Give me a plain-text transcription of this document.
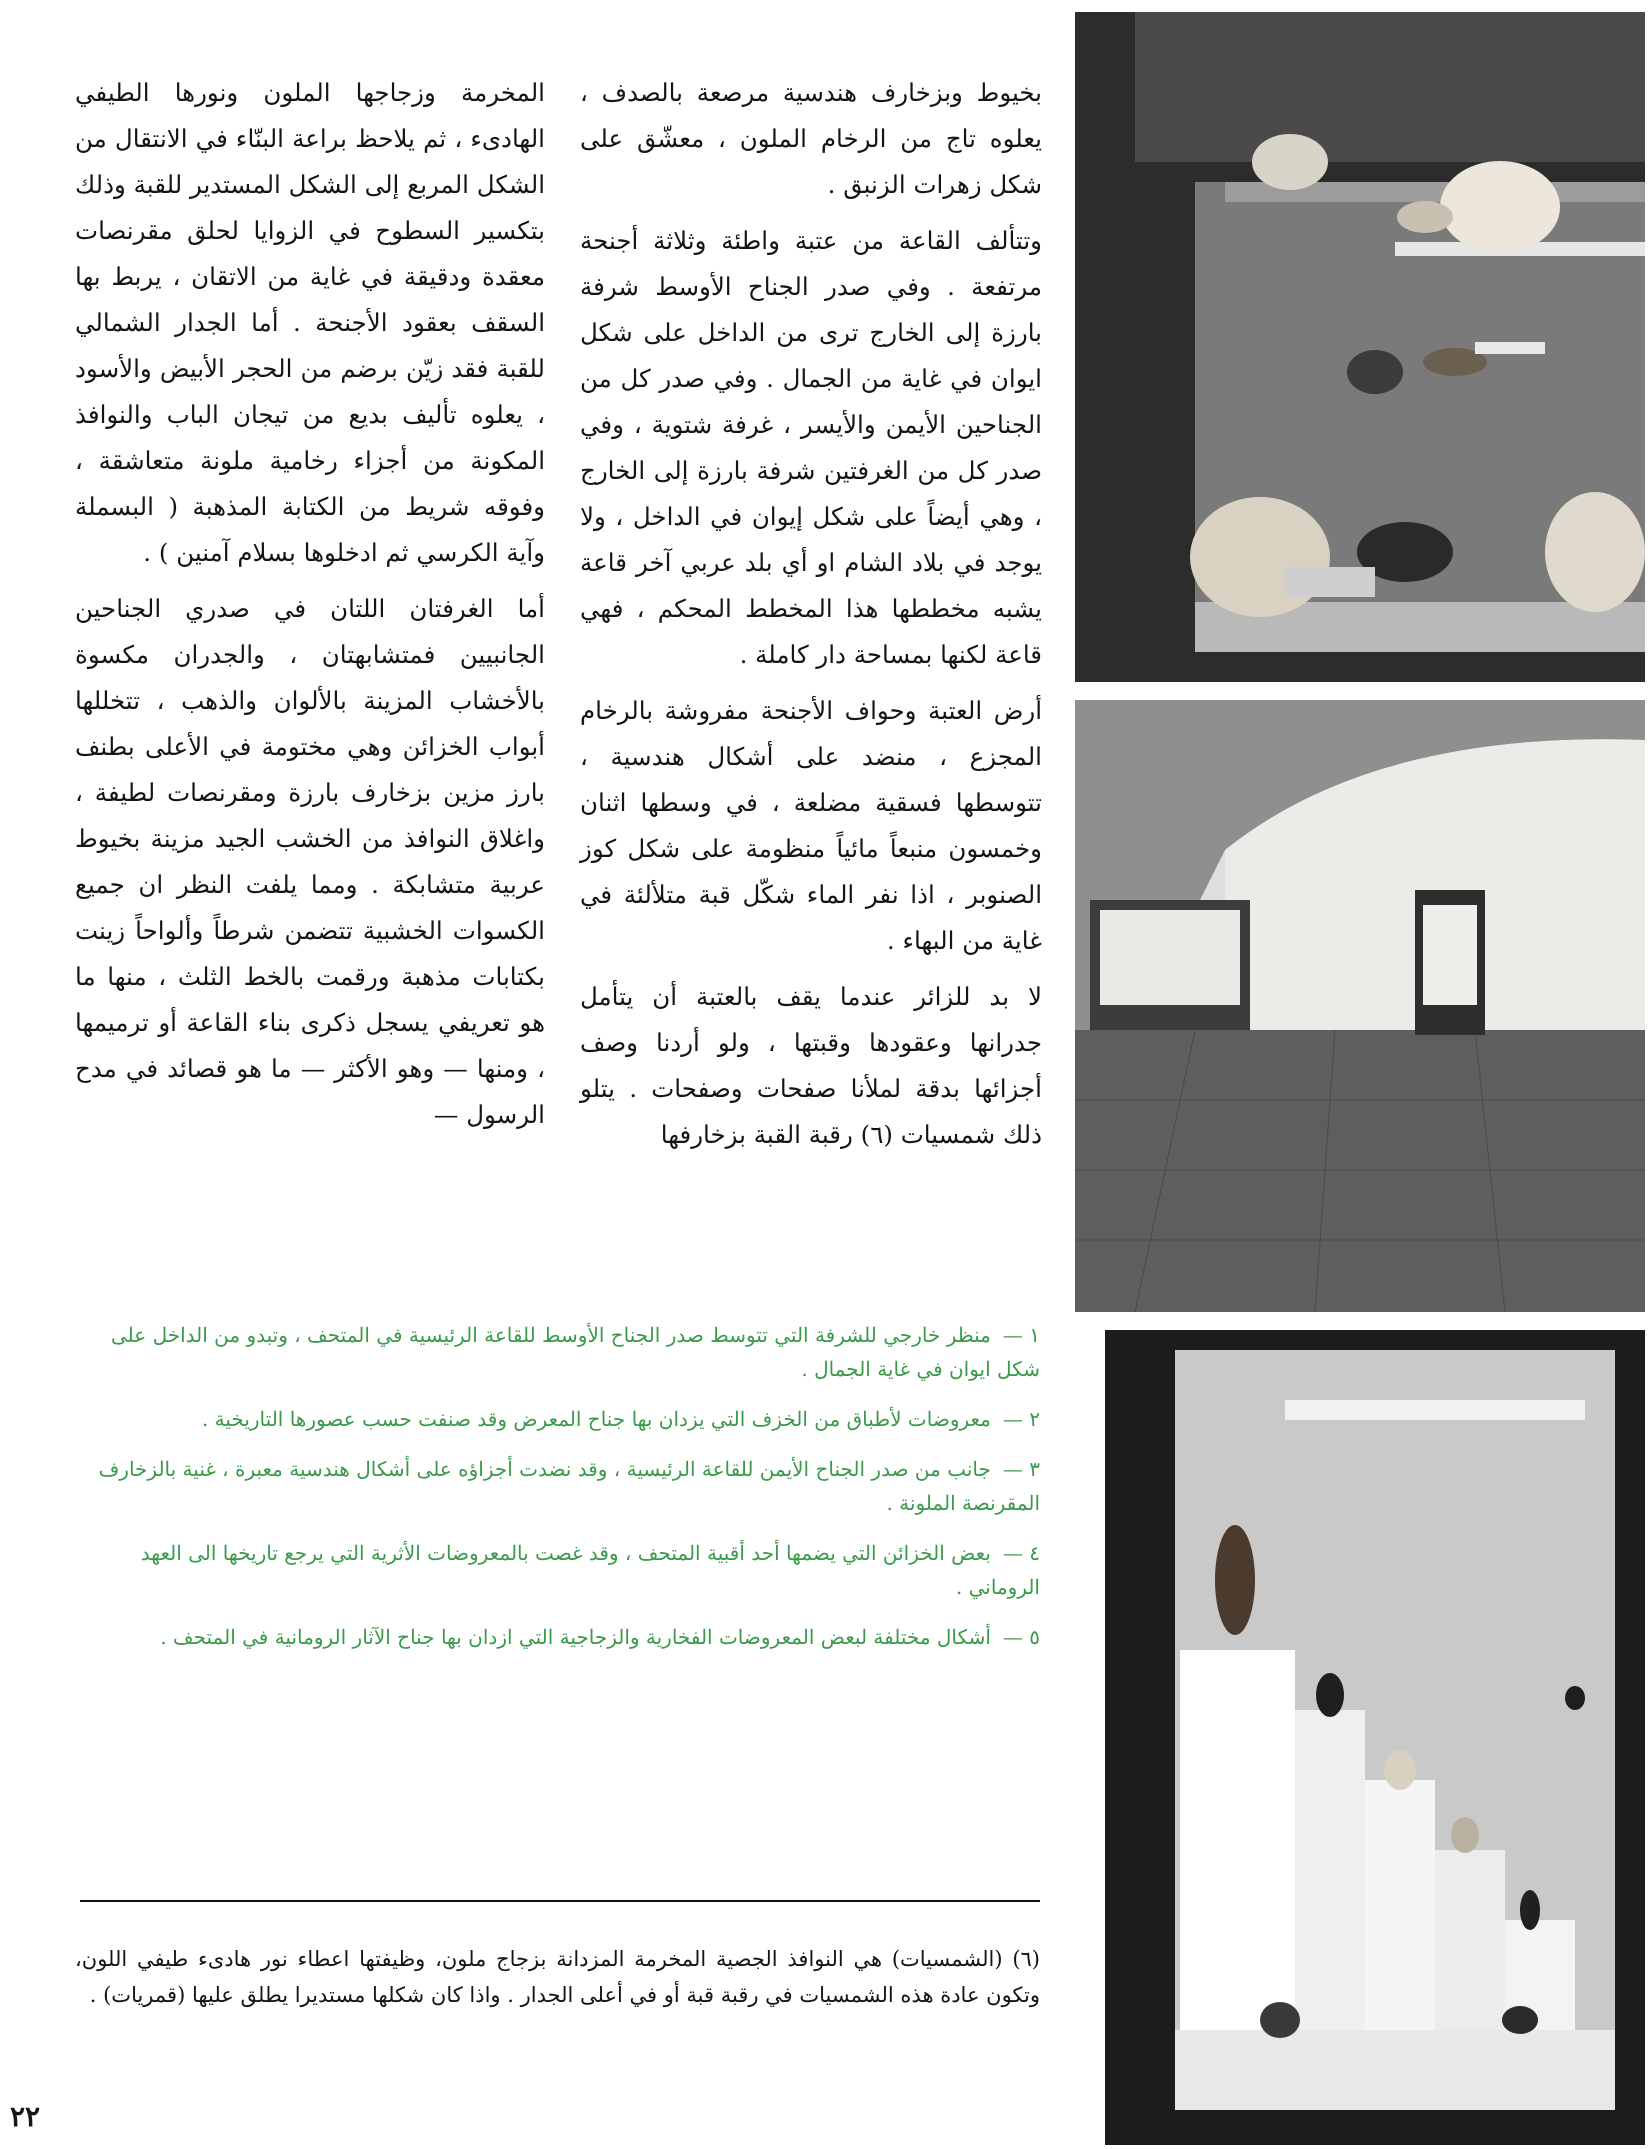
بخيوط وبزخارف هندسية مرصعة بالصدف ، يعلوه تاج من الرخام الملون ، معشّق على شكل زهرات الزنبق .

وتتألف القاعة من عتبة واطئة وثلاثة أجنحة مرتفعة . وفي صدر الجناح الأوسط شرفة بارزة إلى الخارج ترى من الداخل على شكل ايوان في غاية من الجمال . وفي صدر كل من الجناحين الأيمن والأيسر ، غرفة شتوية ، وفي صدر كل من الغرفتين شرفة بارزة إلى الخارج ، وهي أيضاً على شكل إيوان في الداخل ، ولا يوجد في بلاد الشام او أي بلد عربي آخر قاعة يشبه مخططها هذا المخطط المحكم ، فهي قاعة لكنها بمساحة دار كاملة .

أرض العتبة وحواف الأجنحة مفروشة بالرخام المجزع ، منضد على أشكال هندسية ، تتوسطها فسقية مضلعة ، في وسطها اثنان وخمسون منبعاً مائياً منظومة على شكل كوز الصنوبر ، اذا نفر الماء شكّل قبة متلألئة في غاية من البهاء .

لا بد للزائر عندما يقف بالعتبة أن يتأمل جدرانها وعقودها وقبتها ، ولو أردنا وصف أجزائها بدقة لملأنا صفحات وصفحات . يتلو ذلك شمسيات (٦) رقبة القبة بزخارفها

المخرمة وزجاجها الملون ونورها الطيفي الهادىء ، ثم يلاحظ براعة البنّاء في الانتقال من الشكل المربع إلى الشكل المستدير للقبة وذلك بتكسير السطوح في الزوايا لحلق مقرنصات معقدة ودقيقة في غاية من الاتقان ، يربط بها السقف بعقود الأجنحة . أما الجدار الشمالي للقبة فقد زيّن برضم من الحجر الأبيض والأسود ، يعلوه تأليف بديع من تيجان الباب والنوافذ المكونة من أجزاء رخامية ملونة متعاشقة ، وفوقه شريط من الكتابة المذهبة ( البسملة وآية الكرسي ثم ادخلوها بسلام آمنين ) .

أما الغرفتان اللتان في صدري الجناحين الجانبيين فمتشابهتان ، والجدران مكسوة بالأخشاب المزينة بالألوان والذهب ، تتخللها أبواب الخزائن وهي مختومة في الأعلى بطنف بارز مزين بزخارف بارزة ومقرنصات لطيفة ، واغلاق النوافذ من الخشب الجيد مزينة بخيوط عربية متشابكة . ومما يلفت النظر ان جميع الكسوات الخشبية تتضمن شرطاً وألواحاً زينت بكتابات مذهبة ورقمت بالخط الثلث ، منها ما هو تعريفي يسجل ذكرى بناء القاعة أو ترميمها ، ومنها — وهو الأكثر — ما هو قصائد في مدح الرسول —

١ —منظر خارجي للشرفة التي تتوسط صدر الجناح الأوسط للقاعة الرئيسية في المتحف ، وتبدو من الداخل على شكل ايوان في غاية الجمال .

٢ —معروضات لأطباق من الخزف التي يزدان بها جناح المعرض وقد صنفت حسب عصورها التاريخية .

٣ —جانب من صدر الجناح الأيمن للقاعة الرئيسية ، وقد نضدت أجزاؤه على أشكال هندسية معبرة ، غنية بالزخارف المقرنصة الملونة .

٤ —بعض الخزائن التي يضمها أحد أقبية المتحف ، وقد غصت بالمعروضات الأثرية التي يرجع تاريخها الى العهد الروماني .

٥ —أشكال مختلفة لبعض المعروضات الفخارية والزجاجية التي ازدان بها جناح الآثار الرومانية في المتحف .

(٦) (الشمسيات) هي النوافذ الجصية المخرمة المزدانة بزجاج ملون، وظيفتها اعطاء نور هادىء طيفي اللون، وتكون عادة هذه الشمسيات في رقبة قبة أو في أعلى الجدار . واذا كان شكلها مستديرا يطلق عليها (قمريات) .

٢٢
